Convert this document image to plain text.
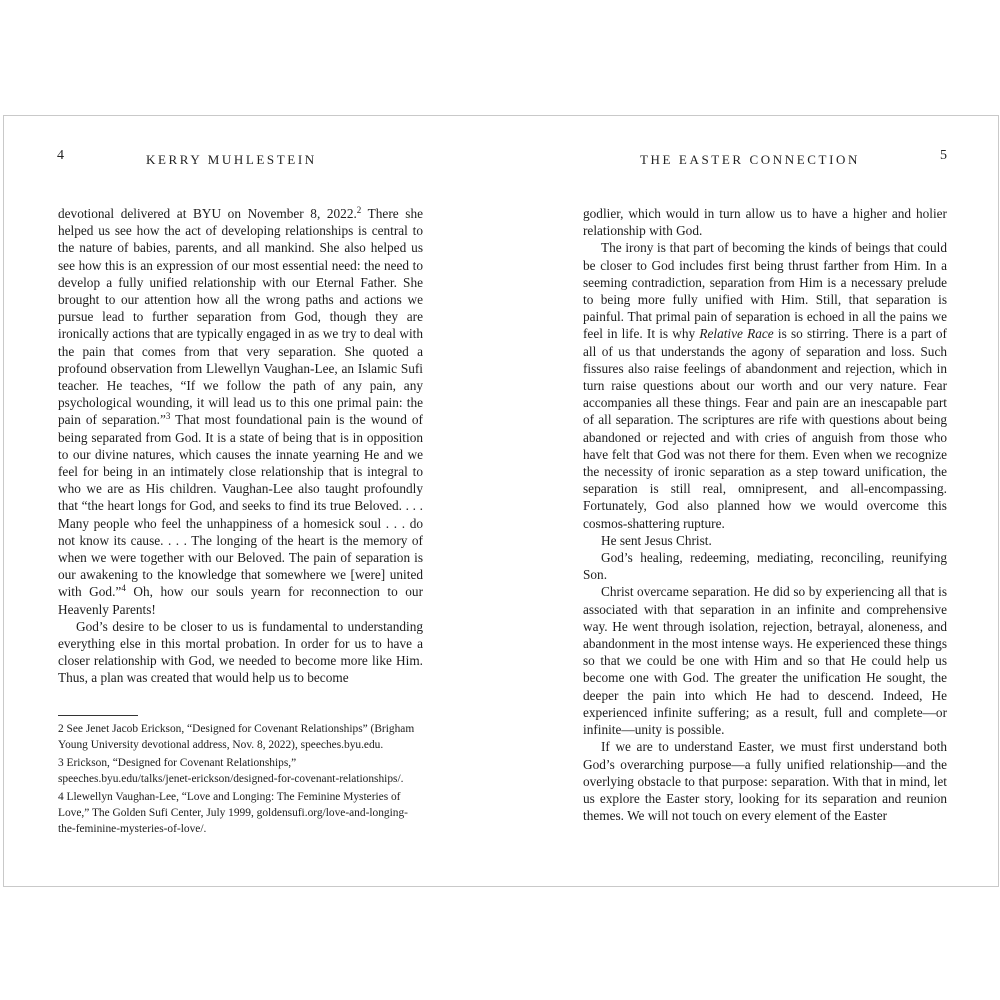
4	KERRY MUHLESTEIN	5
THE EASTER CONNECTION

devotional delivered at BYU on November 8, 2022.$^2$ There she helped us see how the act of developing relationships is central to the nature of babies, parents, and all mankind. She also helped us see how this is an expression of our most essential need: the need to develop a fully unified relationship with our Eternal Father. She brought to our attention how all the wrong paths and actions we pursue lead to further separation from God, though they are ironically actions that are typically engaged in as we try to deal with the pain that comes from that very separation. She quoted a profound observation from Llewellyn Vaughan-Lee, an Islamic Sufi teacher. He teaches, “If we follow the path of any pain, any psychological wounding, it will lead us to this one primal pain: the pain of separation.”$^3$ That most foundational pain is the wound of being separated from God. It is a state of being that is in opposition to our divine natures, which causes the innate yearning He and we feel for being in an intimately close relationship that is integral to who we are as His children. Vaughan-Lee also taught profoundly that “the heart longs for God, and seeks to find its true Beloved. . . . Many people who feel the unhappiness of a homesick soul . . . do not know its cause. . . . The longing of the heart is the memory of when we were together with our Beloved. The pain of separation is our awakening to the knowledge that somewhere we [were] united with God.”$^4$ Oh, how our souls yearn for reconnection to our Heavenly Parents!

God’s desire to be closer to us is fundamental to understanding everything else in this mortal probation. In order for us to have a closer relationship with God, we needed to become more like Him. Thus, a plan was created that would help us to become

2 See Jenet Jacob Erickson, “Designed for Covenant Relationships” (Brigham Young University devotional address, Nov. 8, 2022), speeches.byu.edu.
3 Erickson, “Designed for Covenant Relationships,” speeches.byu.edu/talks/jenet-erickson/designed-for-covenant-relationships/.
4 Llewellyn Vaughan-Lee, “Love and Longing: The Feminine Mysteries of Love,” The Golden Sufi Center, July 1999, goldensufi.org/love-and-longing-the-feminine-mysteries-of-love/.

godlier, which would in turn allow us to have a higher and holier relationship with God.

The irony is that part of becoming the kinds of beings that could be closer to God includes first being thrust farther from Him. In a seeming contradiction, separation from Him is a necessary prelude to being more fully unified with Him. Still, that separation is painful. That primal pain of separation is echoed in all the pains we feel in life. It is why Relative Race is so stirring. There is a part of all of us that understands the agony of separation and loss. Such fissures also raise feelings of abandonment and rejection, which in turn raise questions about our worth and our very nature. Fear accompanies all these things. Fear and pain are an inescapable part of all separation. The scriptures are rife with questions about being abandoned or rejected and with cries of anguish from those who have felt that God was not there for them. Even when we recognize the necessity of ironic separation as a step toward unification, the separation is still real, omnipresent, and all-encompassing. Fortunately, God also planned how we would overcome this cosmos-shattering rupture.

He sent Jesus Christ.

God’s healing, redeeming, mediating, reconciling, reunifying Son.

Christ overcame separation. He did so by experiencing all that is associated with that separation in an infinite and comprehensive way. He went through isolation, rejection, betrayal, aloneness, and abandonment in the most intense ways. He experienced these things so that we could be one with Him and so that He could help us become one with God. The greater the unification He sought, the deeper the pain into which He had to descend. Indeed, He experienced infinite suffering; as a result, full and complete—or infinite—unity is possible.

If we are to understand Easter, we must first understand both God’s overarching purpose—a fully unified relationship—and the overlying obstacle to that purpose: separation. With that in mind, let us explore the Easter story, looking for its separation and reunion themes. We will not touch on every element of the Easter
